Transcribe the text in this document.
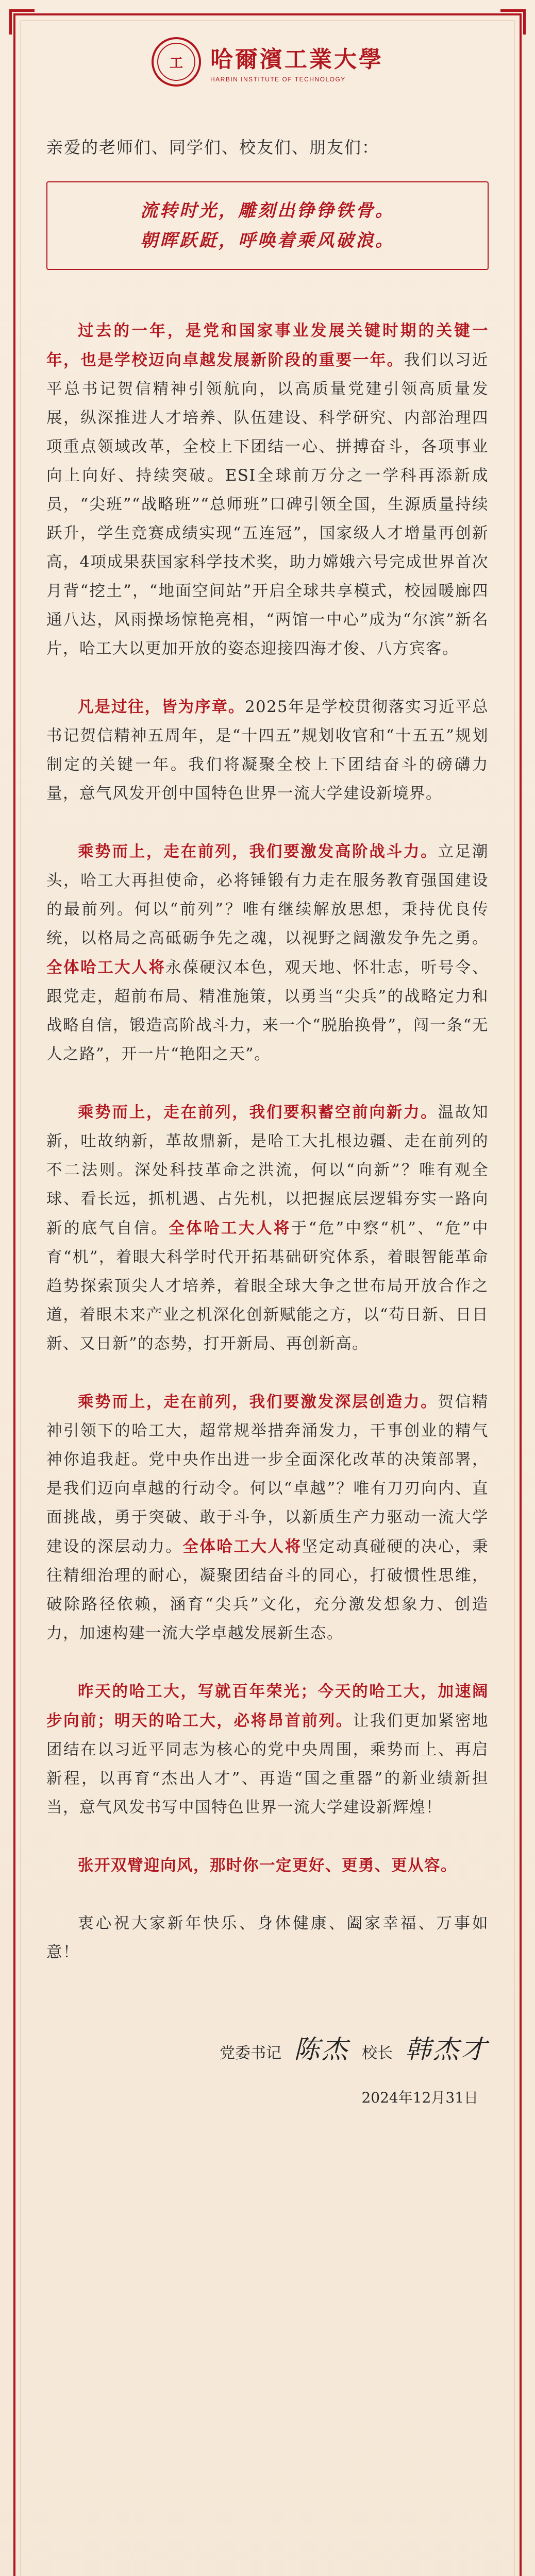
工	哈爾濱工業大學
HARBIN INSTITUTE OF TECHNOLOGY

亲爱的老师们、同学们、校友们、朋友们：

流转时光，雕刻出铮铮铁骨。

朝晖跃跹，呼唤着乘风破浪。

过去的一年，是党和国家事业发展关键时期的关键一年，也是学校迈向卓越发展新阶段的重要一年。我们以习近平总书记贺信精神引领航向，以高质量党建引领高质量发展，纵深推进人才培养、队伍建设、科学研究、内部治理四项重点领域改革，全校上下团结一心、拼搏奋斗，各项事业向上向好、持续突破。ESI全球前万分之一学科再添新成员，“尖班”“战略班”“总师班”口碑引领全国，生源质量持续跃升，学生竞赛成绩实现“五连冠”，国家级人才增量再创新高，4项成果获国家科学技术奖，助力嫦娥六号完成世界首次月背“挖土”，“地面空间站”开启全球共享模式，校园暖廊四通八达，风雨操场惊艳亮相，“两馆一中心”成为“尔滨”新名片，哈工大以更加开放的姿态迎接四海才俊、八方宾客。

凡是过往，皆为序章。2025年是学校贯彻落实习近平总书记贺信精神五周年，是“十四五”规划收官和“十五五”规划制定的关键一年。我们将凝聚全校上下团结奋斗的磅礴力量，意气风发开创中国特色世界一流大学建设新境界。

乘势而上，走在前列，我们要激发高阶战斗力。立足潮头，哈工大再担使命，必将锤锻有力走在服务教育强国建设的最前列。何以“前列”？唯有继续解放思想，秉持优良传统，以格局之高砥砺争先之魂，以视野之阔激发争先之勇。全体哈工大人将永葆硬汉本色，观天地、怀壮志，听号令、跟党走，超前布局、精准施策，以勇当“尖兵”的战略定力和战略自信，锻造高阶战斗力，来一个“脱胎换骨”，闯一条“无人之路”，开一片“艳阳之天”。

乘势而上，走在前列，我们要积蓄空前向新力。温故知新，吐故纳新，革故鼎新，是哈工大扎根边疆、走在前列的不二法则。深处科技革命之洪流，何以“向新”？唯有观全球、看长远，抓机遇、占先机，以把握底层逻辑夯实一路向新的底气自信。全体哈工大人将于“危”中察“机”、“危”中育“机”，着眼大科学时代开拓基础研究体系，着眼智能革命趋势探索顶尖人才培养，着眼全球大争之世布局开放合作之道，着眼未来产业之机深化创新赋能之方，以“苟日新、日日新、又日新”的态势，打开新局、再创新高。

乘势而上，走在前列，我们要激发深层创造力。贺信精神引领下的哈工大，超常规举措奔涌发力，干事创业的精气神你追我赶。党中央作出进一步全面深化改革的决策部署，是我们迈向卓越的行动令。何以“卓越”？唯有刀刃向内、直面挑战，勇于突破、敢于斗争，以新质生产力驱动一流大学建设的深层动力。全体哈工大人将坚定动真碰硬的决心，秉往精细治理的耐心，凝聚团结奋斗的同心，打破惯性思维，破除路径依赖，涵育“尖兵”文化，充分激发想象力、创造力，加速构建一流大学卓越发展新生态。

昨天的哈工大，写就百年荣光；今天的哈工大，加速阔步向前；明天的哈工大，必将昂首前列。让我们更加紧密地团结在以习近平同志为核心的党中央周围，乘势而上、再启新程，以再育“杰出人才”、再造“国之重器”的新业绩新担当，意气风发书写中国特色世界一流大学建设新辉煌！

张开双臂迎向风，那时你一定更好、更勇、更从容。

衷心祝大家新年快乐、身体健康、阖家幸福、万事如意！

党委书记 陈杰 校长 韩杰才
2024年12月31日
